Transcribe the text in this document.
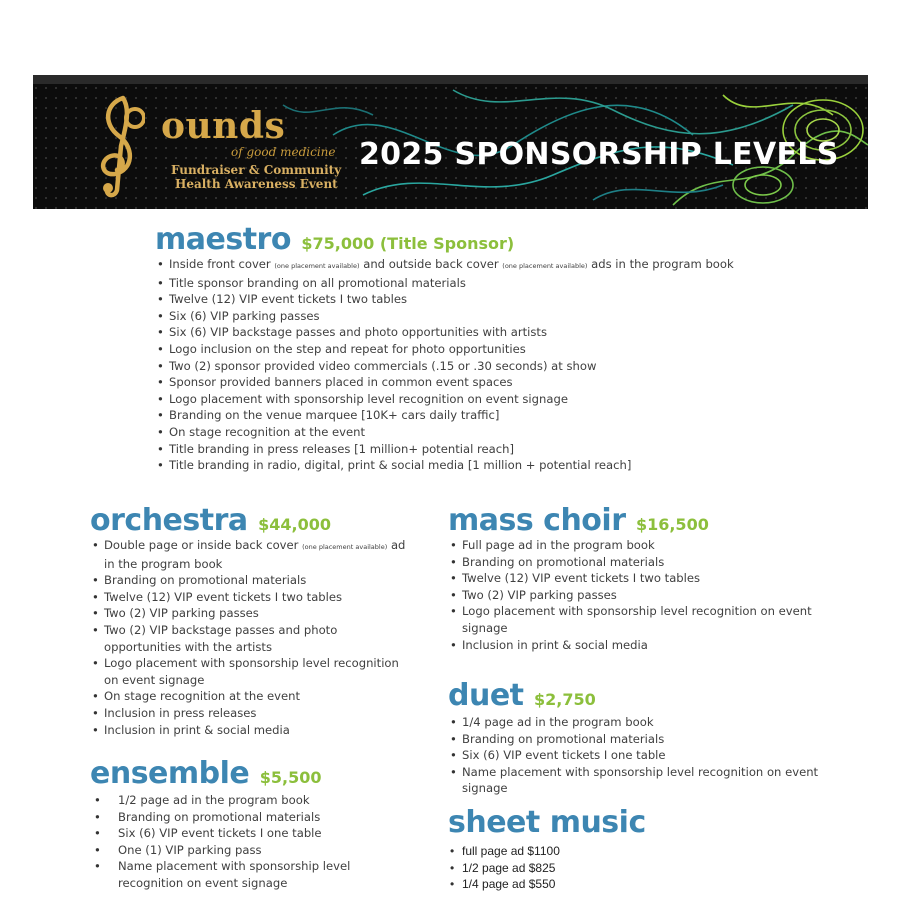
ounds
of good medicine
Fundraiser & Community
Health Awareness Event
2025 SPONSORSHIP LEVELS
maestro $75,000 (Title Sponsor)
• Inside front cover (one placement available) and outside back cover (one placement available) ads in the program book
• Title sponsor branding on all promotional materials
• Twelve (12) VIP event tickets I two tables
• Six (6) VIP parking passes
• Six (6) VIP backstage passes and photo opportunities with artists
• Logo inclusion on the step and repeat for photo opportunities
• Two (2) sponsor provided video commercials (.15 or .30 seconds) at show
• Sponsor provided banners placed in common event spaces
• Logo placement with sponsorship level recognition on event signage
• Branding on the venue marquee [10K+ cars daily traffic]
• On stage recognition at the event
• Title branding in press releases [1 million+ potential reach]
• Title branding in radio, digital, print & social media [1 million + potential reach]
orchestra $44,000
• Double page or inside back cover (one placement available) ad in the program book
• Branding on promotional materials
• Twelve (12) VIP event tickets I two tables
• Two (2) VIP parking passes
• Two (2) VIP backstage passes and photo opportunities with the artists
• Logo placement with sponsorship level recognition on event signage
• On stage recognition at the event
• Inclusion in press releases
• Inclusion in print & social media
ensemble $5,500
• 1/2 page ad in the program book
• Branding on promotional materials
• Six (6) VIP event tickets I one table
• One (1) VIP parking pass
• Name placement with sponsorship level recognition on event signage
mass choir $16,500
• Full page ad in the program book
• Branding on promotional materials
• Twelve (12) VIP event tickets I two tables
• Two (2) VIP parking passes
• Logo placement with sponsorship level recognition on event signage
• Inclusion in print & social media
duet $2,750
• 1/4 page ad in the program book
• Branding on promotional materials
• Six (6) VIP event tickets I one table
• Name placement with sponsorship level recognition on event signage
sheet music
• full page ad $1100
• 1/2 page ad $825
• 1/4 page ad $550
